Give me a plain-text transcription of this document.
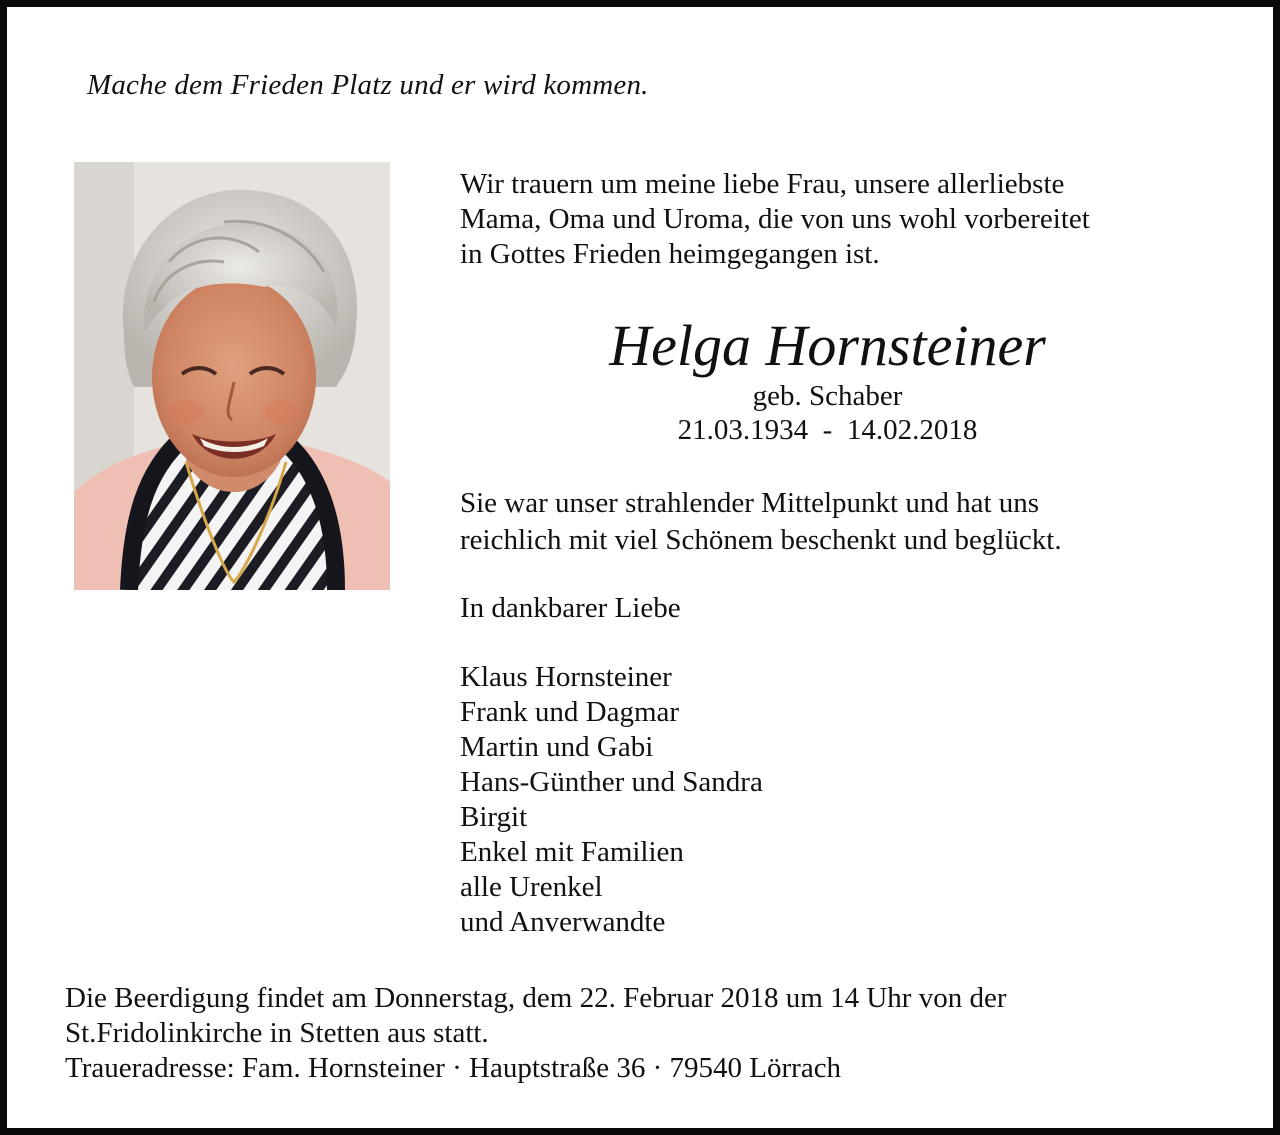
Mache dem Frieden Platz und er wird kommen.
Wir trauern um meine liebe Frau, unsere allerliebste
Mama, Oma und Uroma, die von uns wohl vorbereitet
in Gottes Frieden heimgegangen ist.
Helga Hornsteiner
geb. Schaber
21.03.1934  -  14.02.2018
Sie war unser strahlender Mittelpunkt und hat uns
reichlich mit viel Schönem beschenkt und beglückt.
In dankbarer Liebe
Klaus Hornsteiner
Frank und Dagmar
Martin und Gabi
Hans-Günther und Sandra
Birgit
Enkel mit Familien
alle Urenkel
und Anverwandte
Die Beerdigung findet am Donnerstag, dem 22. Februar 2018 um 14 Uhr von der
St.Fridolinkirche in Stetten aus statt.
Traueradresse: Fam. Hornsteiner · Hauptstraße 36 · 79540 Lörrach
